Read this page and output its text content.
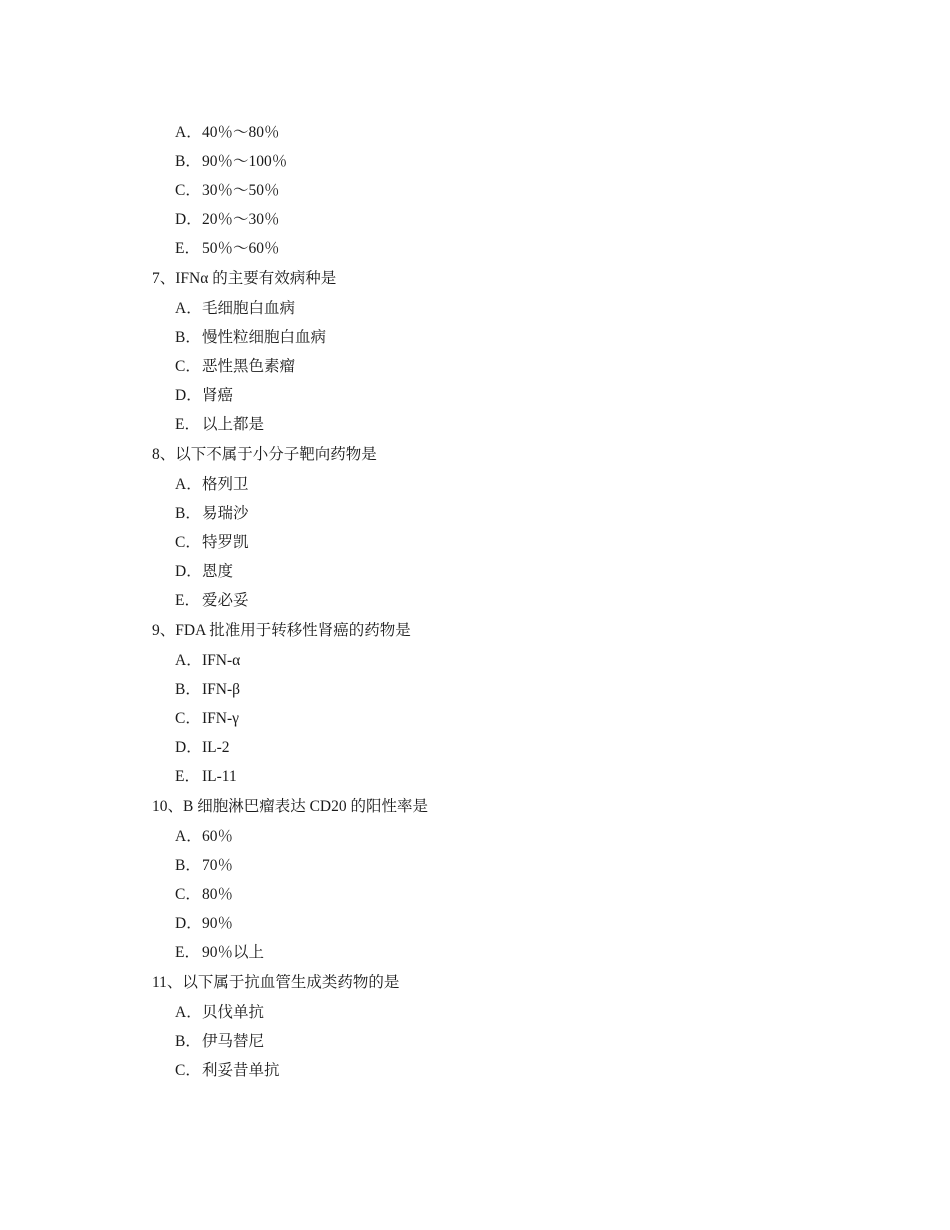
A．40％～80％
B．90％～100％
C．30％～50％
D．20％～30％
E． 50％～60％
7、IFNα 的主要有效病种是
A．毛细胞白血病
B．慢性粒细胞白血病
C．恶性黑色素瘤
D．肾癌
E． 以上都是
8、以下不属于小分子靶向药物是
A．格列卫
B．易瑞沙
C．特罗凯
D．恩度
E． 爱必妥
9、FDA 批准用于转移性肾癌的药物是
A．IFN-α
B．IFN-β
C．IFN-γ
D．IL-2
E． IL-11
10、B 细胞淋巴瘤表达 CD20 的阳性率是
A．60％
B．70％
C．80％
D．90％
E． 90％以上
11、以下属于抗血管生成类药物的是
A．贝伐单抗
B．伊马替尼
C．利妥昔单抗
